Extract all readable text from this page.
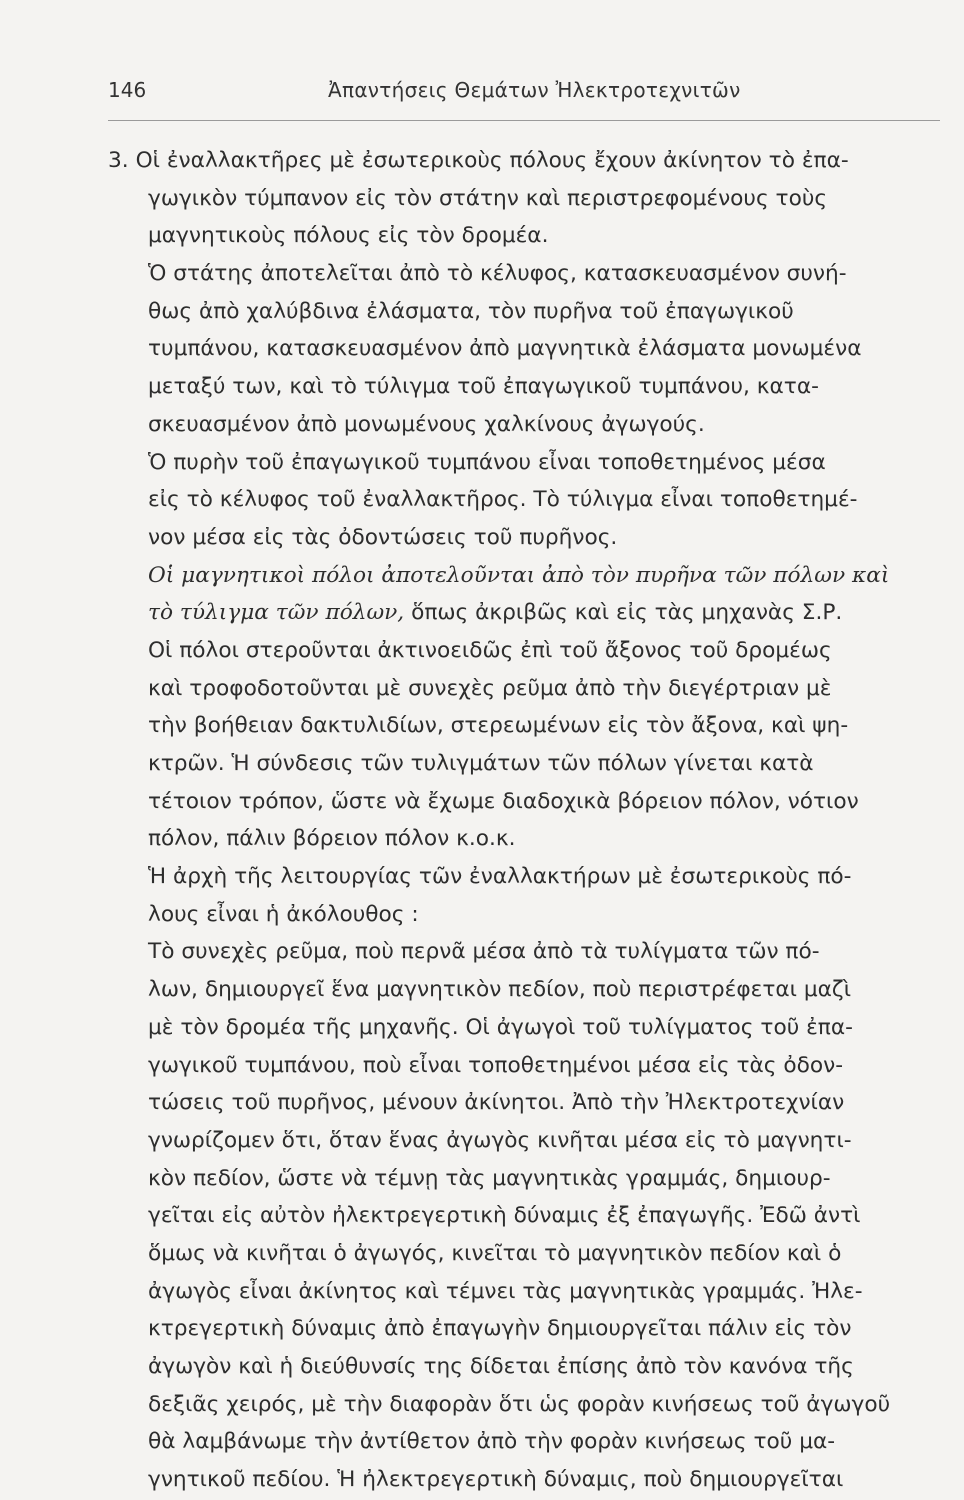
146	Ἀπαντήσεις Θεμάτων Ἠλεκτροτεχνιτῶν
3. Οἱ ἐναλλακτῆρες μὲ ἐσωτερικοὺς πόλους ἔχουν ἀκίνητον τὸ ἐπα-
γωγικὸν τύμπανον εἰς τὸν στάτην καὶ περιστρεφομένους τοὺς
μαγνητικοὺς πόλους εἰς τὸν δρομέα.
Ὁ στάτης ἀποτελεῖται ἀπὸ τὸ κέλυφος, κατασκευασμένον συνή-
θως ἀπὸ χαλύβδινα ἐλάσματα, τὸν πυρῆνα τοῦ ἐπαγωγικοῦ
τυμπάνου, κατασκευασμένον ἀπὸ μαγνητικὰ ἐλάσματα μονωμένα
μεταξύ των, καὶ τὸ τύλιγμα τοῦ ἐπαγωγικοῦ τυμπάνου, κατα-
σκευασμένον ἀπὸ μονωμένους χαλκίνους ἀγωγούς.
Ὁ πυρὴν τοῦ ἐπαγωγικοῦ τυμπάνου εἶναι τοποθετημένος μέσα
εἰς τὸ κέλυφος τοῦ ἐναλλακτῆρος. Τὸ τύλιγμα εἶναι τοποθετημέ-
νον μέσα εἰς τὰς ὀδοντώσεις τοῦ πυρῆνος.
Οἱ μαγνητικοὶ πόλοι ἀποτελοῦνται ἀπὸ τὸν πυρῆνα τῶν πόλων καὶ
τὸ τύλιγμα τῶν πόλων, ὅπως ἀκριβῶς καὶ εἰς τὰς μηχανὰς Σ.Ρ.
Οἱ πόλοι στεροῦνται ἀκτινοειδῶς ἐπὶ τοῦ ἄξονος τοῦ δρομέως
καὶ τροφοδοτοῦνται μὲ συνεχὲς ρεῦμα ἀπὸ τὴν διεγέρτριαν μὲ
τὴν βοήθειαν δακτυλιδίων, στερεωμένων εἰς τὸν ἄξονα, καὶ ψη-
κτρῶν. Ἡ σύνδεσις τῶν τυλιγμάτων τῶν πόλων γίνεται κατὰ
τέτοιον τρόπον, ὥστε νὰ ἔχωμε διαδοχικὰ βόρειον πόλον, νότιον
πόλον, πάλιν βόρειον πόλον κ.ο.κ.
Ἡ ἀρχὴ τῆς λειτουργίας τῶν ἐναλλακτήρων μὲ ἐσωτερικοὺς πό-
λους εἶναι ἡ ἀκόλουθος :
Τὸ συνεχὲς ρεῦμα, ποὺ περνᾶ μέσα ἀπὸ τὰ τυλίγματα τῶν πό-
λων, δημιουργεῖ ἕνα μαγνητικὸν πεδίον, ποὺ περιστρέφεται μαζὶ
μὲ τὸν δρομέα τῆς μηχανῆς. Οἱ ἀγωγοὶ τοῦ τυλίγματος τοῦ ἐπα-
γωγικοῦ τυμπάνου, ποὺ εἶναι τοποθετημένοι μέσα εἰς τὰς ὀδον-
τώσεις τοῦ πυρῆνος, μένουν ἀκίνητοι. Ἀπὸ τὴν Ἠλεκτροτεχνίαν
γνωρίζομεν ὅτι, ὅταν ἕνας ἀγωγὸς κινῆται μέσα εἰς τὸ μαγνητι-
κὸν πεδίον, ὥστε νὰ τέμνῃ τὰς μαγνητικὰς γραμμάς, δημιουρ-
γεῖται εἰς αὐτὸν ἠλεκτρεγερτικὴ δύναμις ἐξ ἐπαγωγῆς. Ἐδῶ ἀντὶ
ὅμως νὰ κινῆται ὁ ἀγωγός, κινεῖται τὸ μαγνητικὸν πεδίον καὶ ὁ
ἀγωγὸς εἶναι ἀκίνητος καὶ τέμνει τὰς μαγνητικὰς γραμμάς. Ἠλε-
κτρεγερτικὴ δύναμις ἀπὸ ἐπαγωγὴν δημιουργεῖται πάλιν εἰς τὸν
ἀγωγὸν καὶ ἡ διεύθυνσίς της δίδεται ἐπίσης ἀπὸ τὸν κανόνα τῆς
δεξιᾶς χειρός, μὲ τὴν διαφορὰν ὅτι ὡς φορὰν κινήσεως τοῦ ἀγωγοῦ
θὰ λαμβάνωμε τὴν ἀντίθετον ἀπὸ τὴν φορὰν κινήσεως τοῦ μα-
γνητικοῦ πεδίου. Ἡ ἠλεκτρεγερτικὴ δύναμις, ποὺ δημιουργεῖται
